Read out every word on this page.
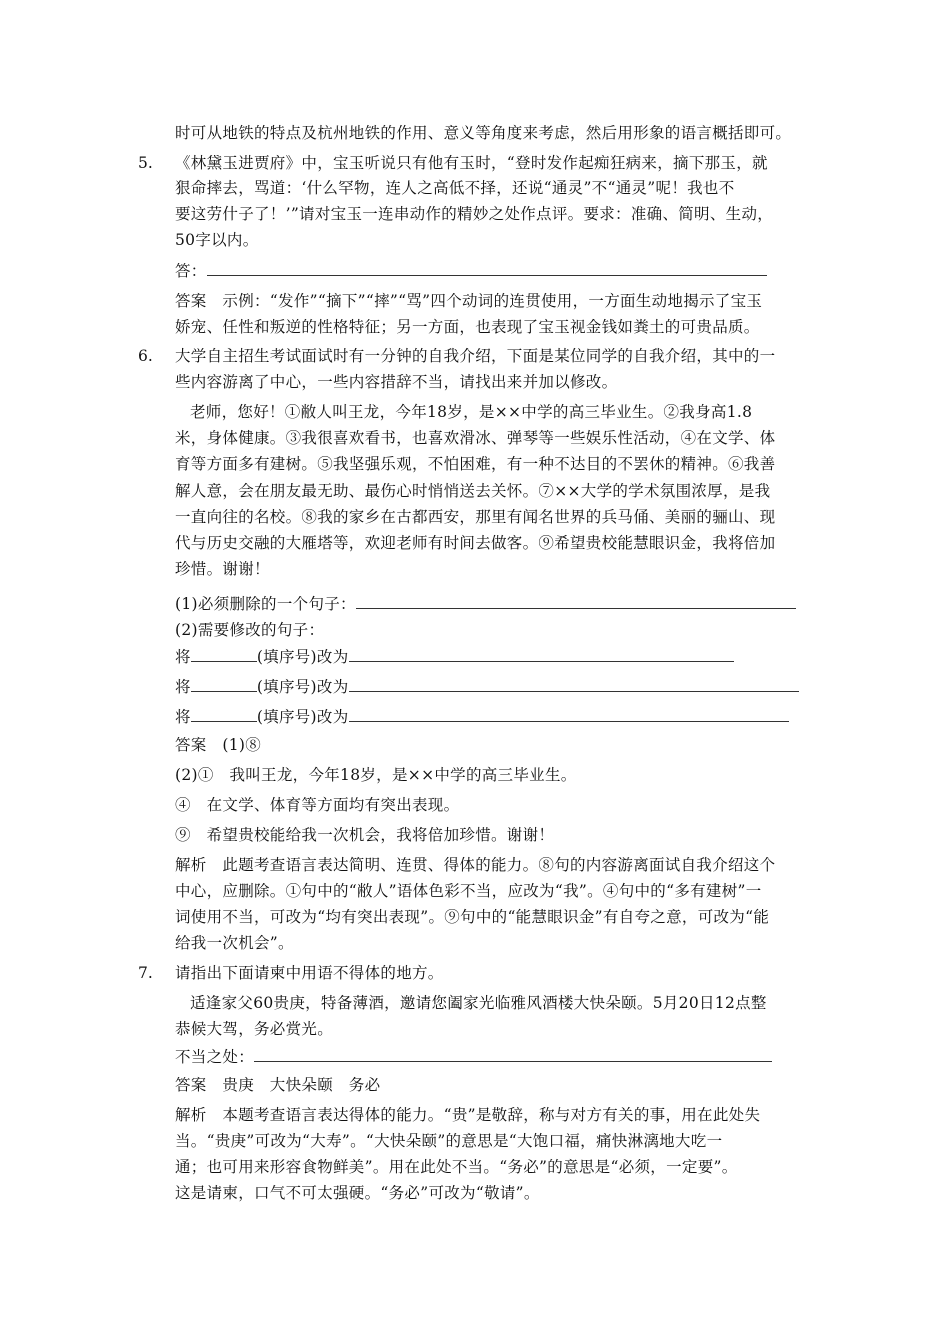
时可从地铁的特点及杭州地铁的作用、意义等角度来考虑，然后用形象的语言概括即可。
5. 《林黛玉进贾府》中，宝玉听说只有他有玉时，“登时发作起痴狂病来，摘下那玉，就
狠命摔去，骂道：‘什么罕物，连人之高低不择，还说“通灵”不“通灵”呢！我也不
要这劳什子了！’”请对宝玉一连串动作的精妙之处作点评。要求：准确、简明、生动，
50字以内。
答：
答案　示例：“发作”“摘下”“摔”“骂”四个动词的连贯使用，一方面生动地揭示了宝玉
娇宠、任性和叛逆的性格特征；另一方面，也表现了宝玉视金钱如粪土的可贵品质。
6. 大学自主招生考试面试时有一分钟的自我介绍，下面是某位同学的自我介绍，其中的一
些内容游离了中心，一些内容措辞不当，请找出来并加以修改。
老师，您好！①敝人叫王龙，今年18岁，是××中学的高三毕业生。②我身高1.8
米，身体健康。③我很喜欢看书，也喜欢滑冰、弹琴等一些娱乐性活动，④在文学、体
育等方面多有建树。⑤我坚强乐观，不怕困难，有一种不达目的不罢休的精神。⑥我善
解人意，会在朋友最无助、最伤心时悄悄送去关怀。⑦××大学的学术氛围浓厚，是我
一直向往的名校。⑧我的家乡在古都西安，那里有闻名世界的兵马俑、美丽的骊山、现
代与历史交融的大雁塔等，欢迎老师有时间去做客。⑨希望贵校能慧眼识金，我将倍加
珍惜。谢谢！
(1)必须删除的一个句子：
(2)需要修改的句子：
将	(填序号)改为
将	(填序号)改为
将	(填序号)改为
答案　(1)⑧
(2)①　我叫王龙，今年18岁，是××中学的高三毕业生。
④　在文学、体育等方面均有突出表现。
⑨　希望贵校能给我一次机会，我将倍加珍惜。谢谢！
解析　此题考查语言表达简明、连贯、得体的能力。⑧句的内容游离面试自我介绍这个
中心，应删除。①句中的“敝人”语体色彩不当，应改为“我”。④句中的“多有建树”一
词使用不当，可改为“均有突出表现”。⑨句中的“能慧眼识金”有自夸之意，可改为“能
给我一次机会”。
7. 请指出下面请柬中用语不得体的地方。
适逢家父60贵庚，特备薄酒，邀请您阖家光临雅风酒楼大快朵颐。5月20日12点整
恭候大驾，务必赏光。
不当之处：
答案　贵庚　大快朵颐　务必
解析　本题考查语言表达得体的能力。“贵”是敬辞，称与对方有关的事，用在此处失
当。“贵庚”可改为“大寿”。“大快朵颐”的意思是“大饱口福，痛快淋漓地大吃一
通；也可用来形容食物鲜美”。用在此处不当。“务必”的意思是“必须，一定要”。
这是请柬，口气不可太强硬。“务必”可改为“敬请”。
